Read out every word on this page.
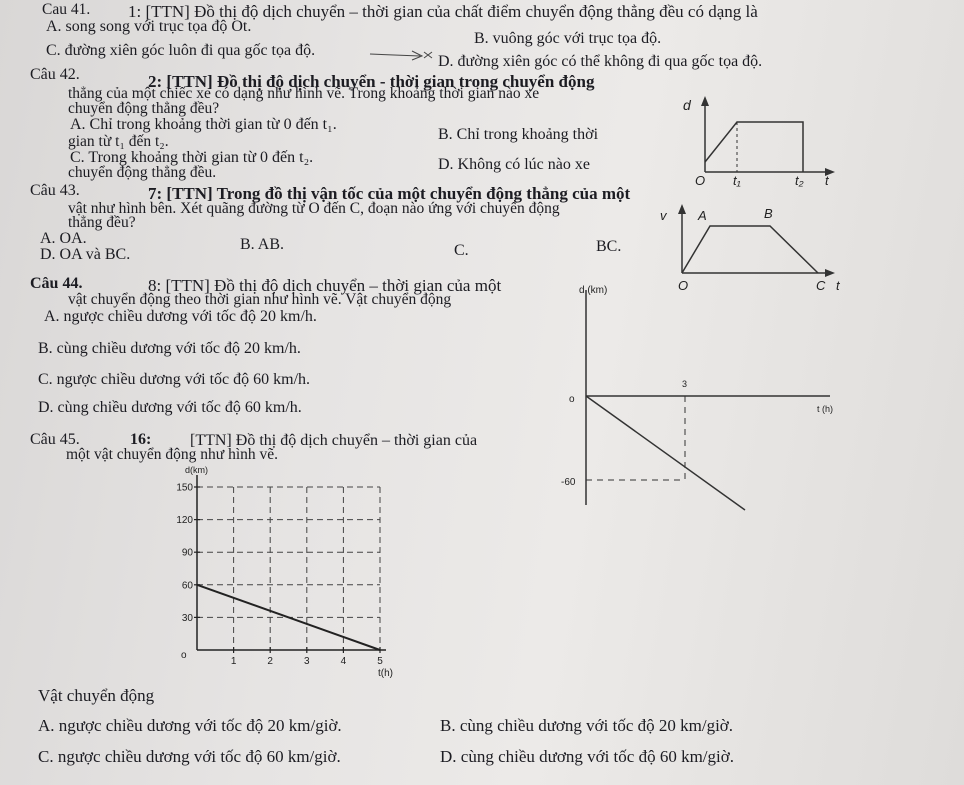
Cau 41. 1: [TTN] Đồ thị độ dịch chuyển – thời gian của chất điểm chuyển động thẳng đều có dạng là
A. song song với trục tọa độ Ot.
B. vuông góc với trục tọa độ.
C. đường xiên góc luôn đi qua gốc tọa độ.
D. đường xiên góc có thể không đi qua gốc tọa độ.
Câu 42.	2: [TTN] Đồ thị độ dịch chuyển - thời gian trong chuyển động
thẳng của một chiếc xe có dạng như hình vẽ. Trong khoảng thời gian nào xe
chuyển động thẳng đều?
A. Chỉ trong khoảng thời gian từ 0 đến t₁.
gian từ t₁ đến t₂.	B. Chỉ trong khoảng thời
C. Trong khoảng thời gian từ 0 đến t₂.
chuyển động thẳng đều.	D. Không có lúc nào xe
d
O t₁	t₂ t
Câu 43.	7: [TTN] Trong đồ thị vận tốc của một chuyển động thẳng của một
vật như hình bên. Xét quãng đường từ O đến C, đoạn nào ứng với chuyển động
thẳng đều?
A. OA.	B. AB.	C.	BC.
D. OA và BC.
v A	B
O	C t
Câu 44.	8: [TTN] Đồ thị độ dịch chuyển – thời gian của một
vật chuyển động theo thời gian như hình vẽ. Vật chuyển động
A. ngược chiều dương với tốc độ 20 km/h.
B. cùng chiều dương với tốc độ 20 km/h.
C. ngược chiều dương với tốc độ 60 km/h.
D. cùng chiều dương với tốc độ 60 km/h.
d (km)
o
3
t (h)
-60
Câu 45.	16: [TTN] Đồ thị độ dịch chuyển – thời gian của
một vật chuyển động như hình vẽ.
150
120
90
60
30
1	2	3	4	5
o
d(km)
t(h)
Vật chuyển động
A. ngược chiều dương với tốc độ 20 km/giờ.	B. cùng chiều dương với tốc độ 20 km/giờ.
C. ngược chiều dương với tốc độ 60 km/giờ.	D. cùng chiều dương với tốc độ 60 km/giờ.
